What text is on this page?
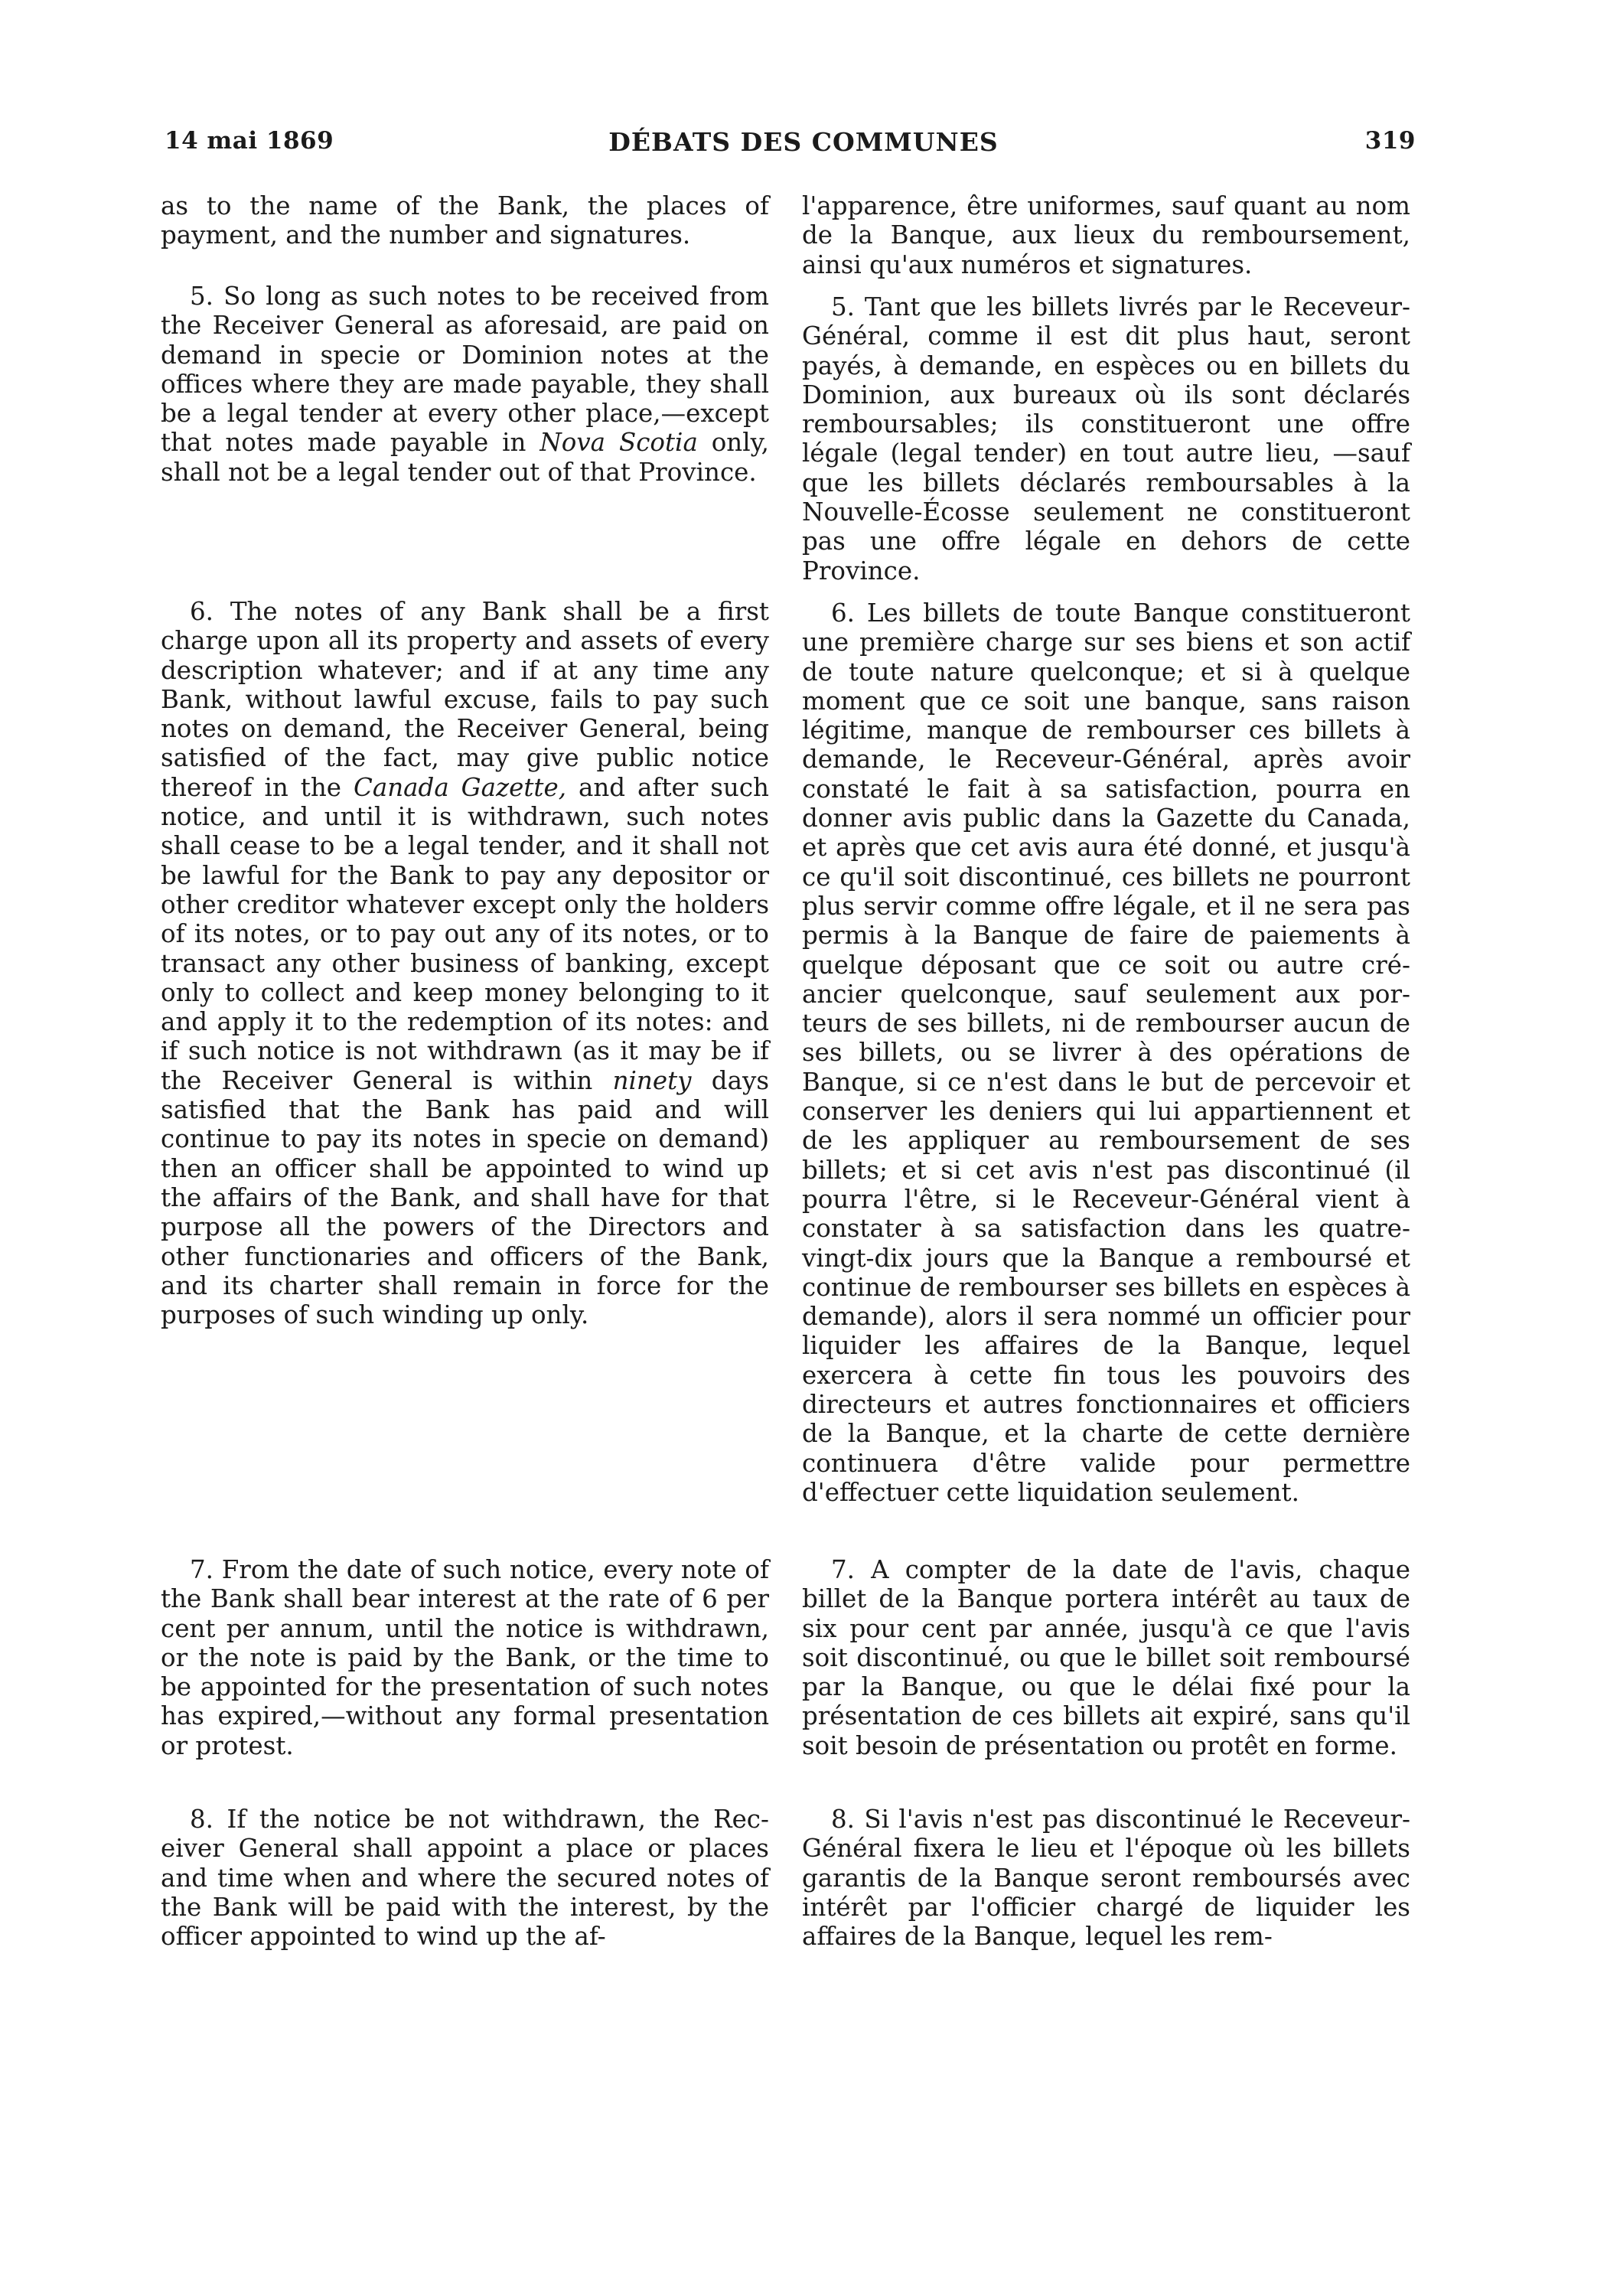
14 mai 1869	DÉBATS DES COMMUNES	319

as to the name of the Bank, the places of payment, and the number and signatures.

5. So long as such notes to be received from the Receiver General as aforesaid, are paid on demand in specie or Dominion notes at the offices where they are made payable, they shall be a legal tender at every other place,—except that notes made payable in Nova Scotia only, shall not be a legal tender out of that Province.

6. The notes of any Bank shall be a first charge upon all its property and assets of every description whatever; and if at any time any Bank, without lawful excuse, fails to pay such notes on demand, the Receiver General, being satisfied of the fact, may give public notice thereof in the Canada Gazette, and after such notice, and until it is withdrawn, such notes shall cease to be a legal tender, and it shall not be lawful for the Bank to pay any depositor or other creditor whatever except only the holders of its notes, or to pay out any of its notes, or to transact any other business of banking, except only to collect and keep money belonging to it and apply it to the redemption of its notes: and if such notice is not withdrawn (as it may be if the Receiver General is within ninety days satisfied that the Bank has paid and will continue to pay its notes in specie on demand) then an officer shall be appointed to wind up the affairs of the Bank, and shall have for that purpose all the powers of the Directors and other functionaries and officers of the Bank, and its charter shall remain in force for the purposes of such winding up only.

7. From the date of such notice, every note of the Bank shall bear interest at the rate of 6 per cent per annum, until the notice is withdrawn, or the note is paid by the Bank, or the time to be appointed for the presentation of such notes has expired,—without any formal presentation or protest.

8. If the notice be not withdrawn, the Receiver General shall appoint a place or places and time when and where the secured notes of the Bank will be paid with the interest, by the officer appointed to wind up the af-

l'apparence, être uniformes, sauf quant au nom de la Banque, aux lieux du remboursement, ainsi qu'aux numéros et signatures.

5. Tant que les billets livrés par le Receveur-Général, comme il est dit plus haut, seront payés, à demande, en espèces ou en billets du Dominion, aux bureaux où ils sont déclarés remboursables; ils constitueront une offre légale (legal tender) en tout autre lieu, —sauf que les billets déclarés remboursables à la Nouvelle-Écosse seulement ne constitueront pas une offre légale en dehors de cette Province.

6. Les billets de toute Banque constitueront une première charge sur ses biens et son actif de toute nature quelconque; et si à quelque moment que ce soit une banque, sans raison légitime, manque de rembourser ces billets à demande, le Receveur-Général, après avoir constaté le fait à sa satisfaction, pourra en donner avis public dans la Gazette du Canada, et après que cet avis aura été donné, et jusqu'à ce qu'il soit discontinué, ces billets ne pourront plus servir comme offre légale, et il ne sera pas permis à la Banque de faire de paiements à quelque déposant que ce soit ou autre créancier quelconque, sauf seulement aux porteurs de ses billets, ni de rembourser aucun de ses billets, ou se livrer à des opérations de Banque, si ce n'est dans le but de percevoir et conserver les deniers qui lui appartiennent et de les appliquer au remboursement de ses billets; et si cet avis n'est pas discontinué (il pourra l'être, si le Receveur-Général vient à constater à sa satisfaction dans les quatre-vingt-dix jours que la Banque a remboursé et continue de rembourser ses billets en espèces à demande), alors il sera nommé un officier pour liquider les affaires de la Banque, lequel exercera à cette fin tous les pouvoirs des directeurs et autres fonctionnaires et officiers de la Banque, et la charte de cette dernière continuera d'être valide pour permettre d'effectuer cette liquidation seulement.

7. A compter de la date de l'avis, chaque billet de la Banque portera intérêt au taux de six pour cent par année, jusqu'à ce que l'avis soit discontinué, ou que le billet soit remboursé par la Banque, ou que le délai fixé pour la présentation de ces billets ait expiré, sans qu'il soit besoin de présentation ou protêt en forme.

8. Si l'avis n'est pas discontinué le Receveur-Général fixera le lieu et l'époque où les billets garantis de la Banque seront remboursés avec intérêt par l'officier chargé de liquider les affaires de la Banque, lequel les rem-
